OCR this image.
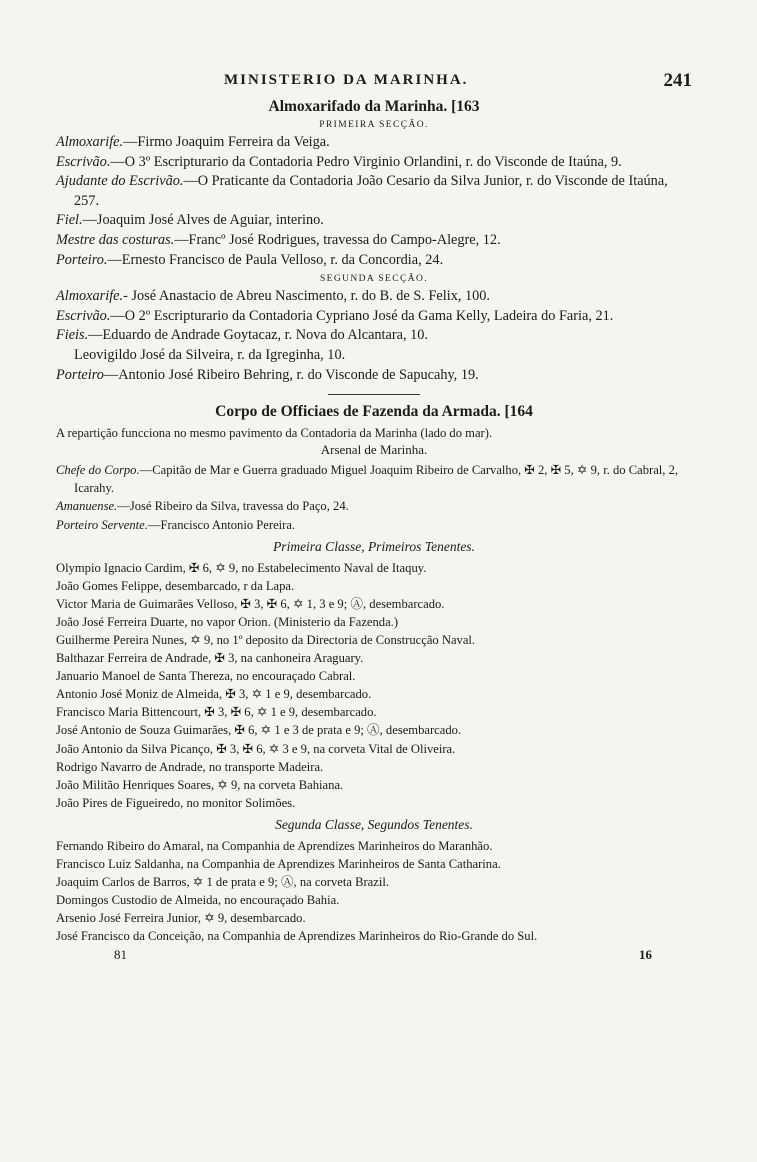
MINISTERIO DA MARINHA.	241
Almoxarifado da Marinha. [163
PRIMEIRA SECÇÃO.
Almoxarife.—Firmo Joaquim Ferreira da Veiga.
Escrivão.—O 3º Escripturario da Contadoria Pedro Virginio Orlandini, r. do Visconde de Itaúna, 9.
Ajudante do Escrivão.—O Praticante da Contadoria João Cesario da Silva Junior, r. do Visconde de Itaúna, 257.
Fiel.—Joaquim José Alves de Aguiar, interino.
Mestre das costuras.—Francº José Rodrigues, travessa do Campo-Alegre, 12.
Porteiro.—Ernesto Francisco de Paula Velloso, r. da Concordia, 24.
SEGUNDA SECÇÃO.
Almoxarife.- José Anastacio de Abreu Nascimento, r. do B. de S. Felix, 100.
Escrivão.—O 2º Escripturario da Contadoria Cypriano José da Gama Kelly, Ladeira do Faria, 21.
Fieis.—Eduardo de Andrade Goytacaz, r. Nova do Alcantara, 10.
Leovigildo José da Silveira, r. da Igreginha, 10.
Porteiro—Antonio José Ribeiro Behring, r. do Visconde de Sapucahy, 19.
Corpo de Officiaes de Fazenda da Armada. [164
A repartição funcciona no mesmo pavimento da Contadoria da Marinha (lado do mar).
Arsenal de Marinha.
Chefe do Corpo.—Capitão de Mar e Guerra graduado Miguel Joaquim Ribeiro de Carvalho, ✠ 2, ✠ 5, ✡ 9, r. do Cabral, 2, Icarahy.
Amanuense.—José Ribeiro da Silva, travessa do Paço, 24.
Porteiro Servente.—Francisco Antonio Pereira.
Primeira Classe, Primeiros Tenentes.
Olympio Ignacio Cardim, ✠ 6, ✡ 9, no Estabelecimento Naval de Itaquy.
João Gomes Felippe, desembarcado, r da Lapa.
Victor Maria de Guimarães Velloso, ✠ 3, ✠ 6, ✡ 1, 3 e 9; Ⓐ, desembarcado.
João José Ferreira Duarte, no vapor Orion. (Ministerio da Fazenda.)
Guilherme Pereira Nunes, ✡ 9, no 1º deposito da Directoria de Construcção Naval.
Balthazar Ferreira de Andrade, ✠ 3, na canhoneira Araguary.
Januario Manoel de Santa Thereza, no encouraçado Cabral.
Antonio José Moniz de Almeida, ✠ 3, ✡ 1 e 9, desembarcado.
Francisco Maria Bittencourt, ✠ 3, ✠ 6, ✡ 1 e 9, desembarcado.
José Antonio de Souza Guimarães, ✠ 6, ✡ 1 e 3 de prata e 9; Ⓐ, desembarcado.
João Antonio da Silva Picanço, ✠ 3, ✠ 6, ✡ 3 e 9, na corveta Vital de Oliveira.
Rodrigo Navarro de Andrade, no transporte Madeira.
João Militão Henriques Soares, ✡ 9, na corveta Bahiana.
João Pires de Figueiredo, no monitor Solimões.
Segunda Classe, Segundos Tenentes.
Fernando Ribeiro do Amaral, na Companhia de Aprendizes Marinheiros do Maranhão.
Francisco Luiz Saldanha, na Companhia de Aprendizes Marinheiros de Santa Catharina.
Joaquim Carlos de Barros, ✡ 1 de prata e 9; Ⓐ, na corveta Brazil.
Domingos Custodio de Almeida, no encouraçado Bahia.
Arsenio José Ferreira Junior, ✡ 9, desembarcado.
José Francisco da Conceição, na Companhia de Aprendizes Marinheiros do Rio-Grande do Sul.
81	16
